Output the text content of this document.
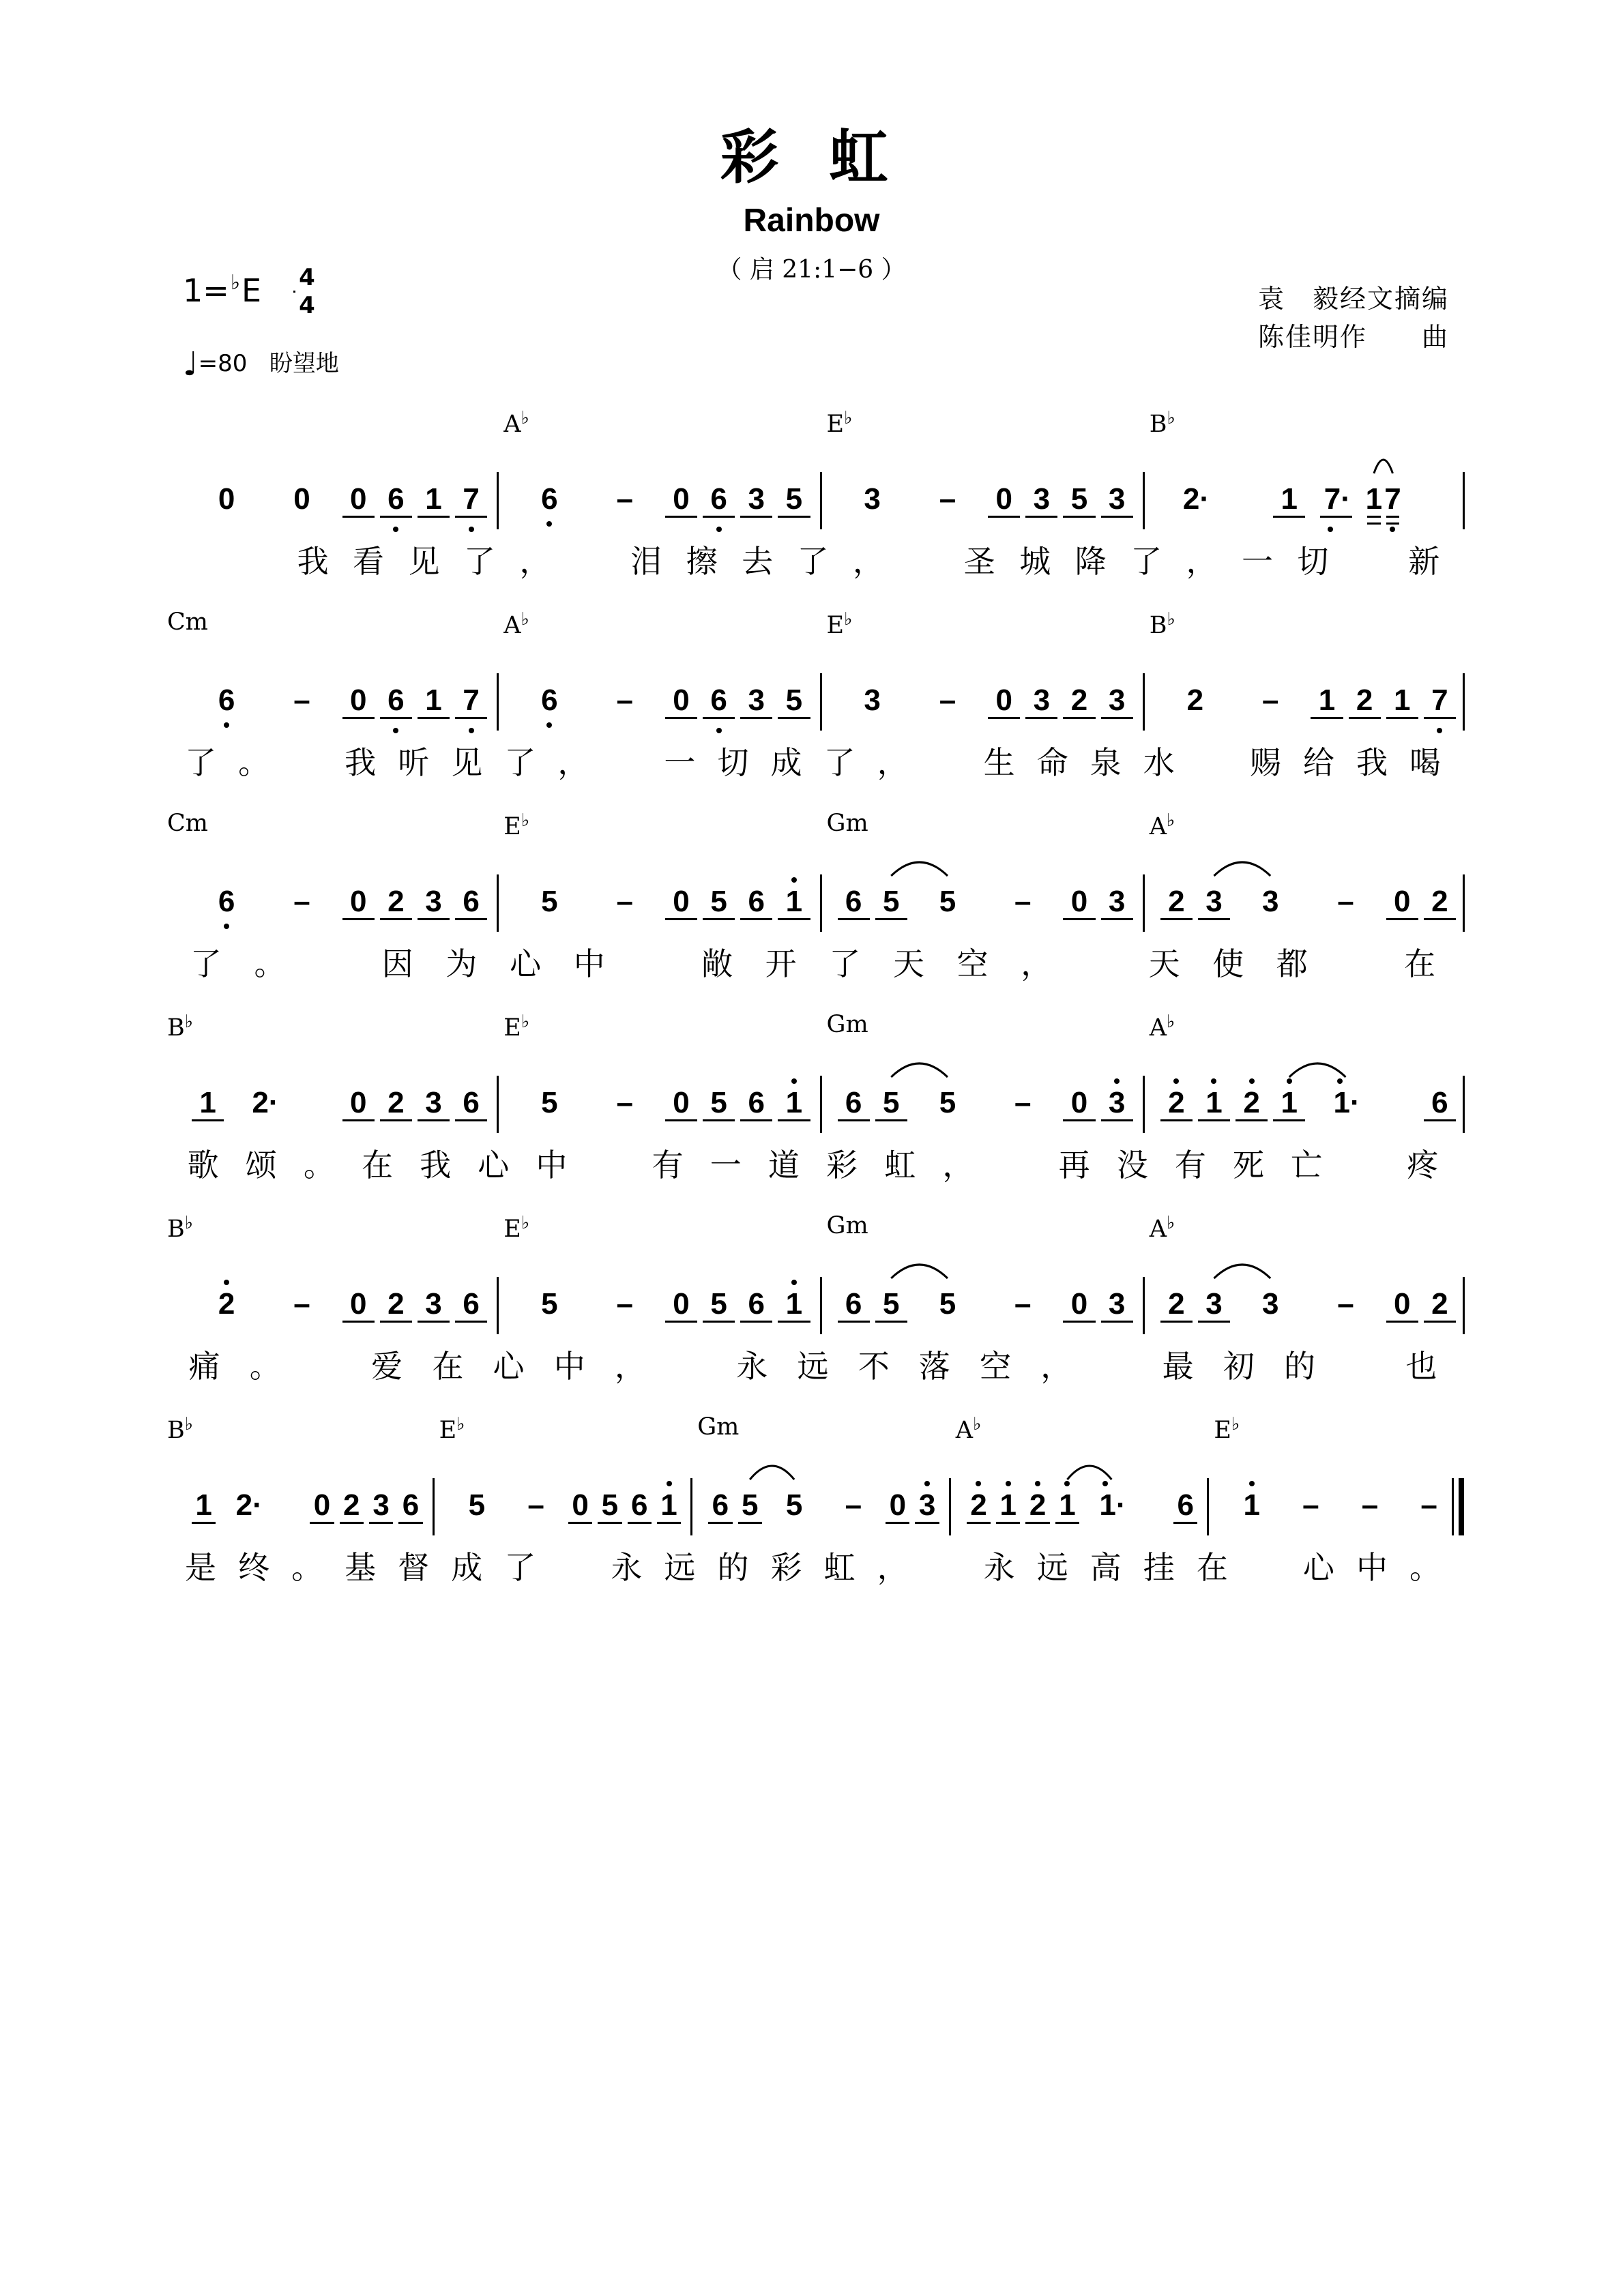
彩 虹
Rainbow
（ 启 21:1−6 ）
1=♭E 4
4
♩=80 盼望地
袁　毅经文摘编
陈佳明作　　曲
A♭	E♭	B♭
0 0 0 6 1 7 6 – 0 6 3 5 3 – 0 3 5 3 2· 1 7· 1 7
我 看 见 了 ，	泪 擦 去 了 ，	圣 城 降 了 ， 一 切	新
Cm	A♭	E♭	B♭
6 – 0 6 1 7 6 – 0 6 3 5 3 – 0 3 2 3 2 – 1 2 1 7
了 。 我 听 见 了 ， 一 切 成 了 ， 生 命 泉 水 赐 给 我 喝
Cm	E♭	Gm	A♭
6 – 0 2 3 6 5 – 0 5 6 1 6 5 5 – 0 3 2 3 3 – 0 2
了 。	因 为 心 中	敞 开 了 天 空 ，	天 使 都	在
B♭	E♭	Gm	A♭
1 2· 0 2 3 6 5 – 0 5 6 1 6 5 5 – 0 3 2 1 2 1 1· 6
歌 颂 。 在 我 心 中	有 一 道 彩 虹 ，	再 没 有 死 亡	疼
B♭	E♭	Gm	A♭
2 – 0 2 3 6 5 – 0 5 6 1 6 5 5 – 0 3 2 3 3 – 0 2
痛 。	爱 在 心 中 ，	永 远 不 落 空 ，	最 初 的	也
B♭	E♭	Gm	A♭	E♭
1 2· 0 2 3 6 5 – 0 5 6 1 6 5 5 – 0 3 2 1 2 1 1· 6 1 – – –
是 终 。 基 督 成 了 永 远 的 彩 虹 ， 永 远 高 挂 在 心 中 。
